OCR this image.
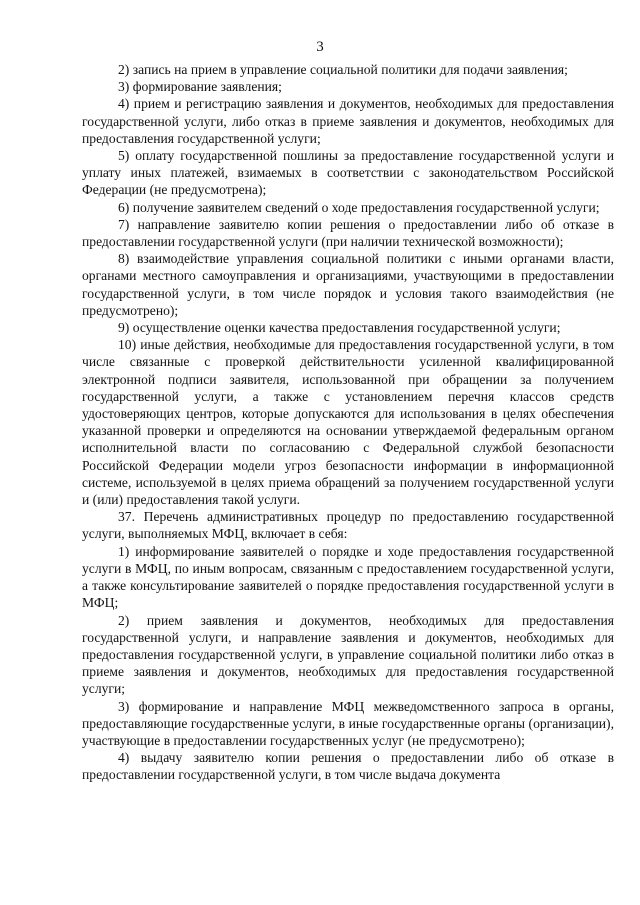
3

2) запись на прием в управление социальной политики для подачи заявления;

3) формирование заявления;

4) прием и регистрацию заявления и документов, необходимых для предоставления государственной услуги, либо отказ в приеме заявления и документов, необходимых для предоставления государственной услуги;

5) оплату государственной пошлины за предоставление государственной услуги и уплату иных платежей, взимаемых в соответствии с законодательством Российской Федерации (не предусмотрена);

6) получение заявителем сведений о ходе предоставления государственной услуги;

7) направление заявителю копии решения о предоставлении либо об отказе в предоставлении государственной услуги (при наличии технической возможности);

8) взаимодействие управления социальной политики с иными органами власти, органами местного самоуправления и организациями, участвующими в предоставлении государственной услуги, в том числе порядок и условия такого взаимодействия (не предусмотрено);

9) осуществление оценки качества предоставления государственной услуги;

10) иные действия, необходимые для предоставления государственной услуги, в том числе связанные с проверкой действительности усиленной квалифицированной электронной подписи заявителя, использованной при обращении за получением государственной услуги, а также с установлением перечня классов средств удостоверяющих центров, которые допускаются для использования в целях обеспечения указанной проверки и определяются на основании утверждаемой федеральным органом исполнительной власти по согласованию с Федеральной службой безопасности Российской Федерации модели угроз безопасности информации в информационной системе, используемой в целях приема обращений за получением государственной услуги и (или) предоставления такой услуги.

37. Перечень административных процедур по предоставлению государственной услуги, выполняемых МФЦ, включает в себя:

1) информирование заявителей о порядке и ходе предоставления государственной услуги в МФЦ, по иным вопросам, связанным с предоставлением государственной услуги, а также консультирование заявителей о порядке предоставления государственной услуги в МФЦ;

2) прием заявления и документов, необходимых для предоставления государственной услуги, и направление заявления и документов, необходимых для предоставления государственной услуги, в управление социальной политики либо отказ в приеме заявления и документов, необходимых для предоставления государственной услуги;

3) формирование и направление МФЦ межведомственного запроса в органы, предоставляющие государственные услуги, в иные государственные органы (организации), участвующие в предоставлении государственных услуг (не предусмотрено);

4) выдачу заявителю копии решения о предоставлении либо об отказе в предоставлении государственной услуги, в том числе выдача документа
